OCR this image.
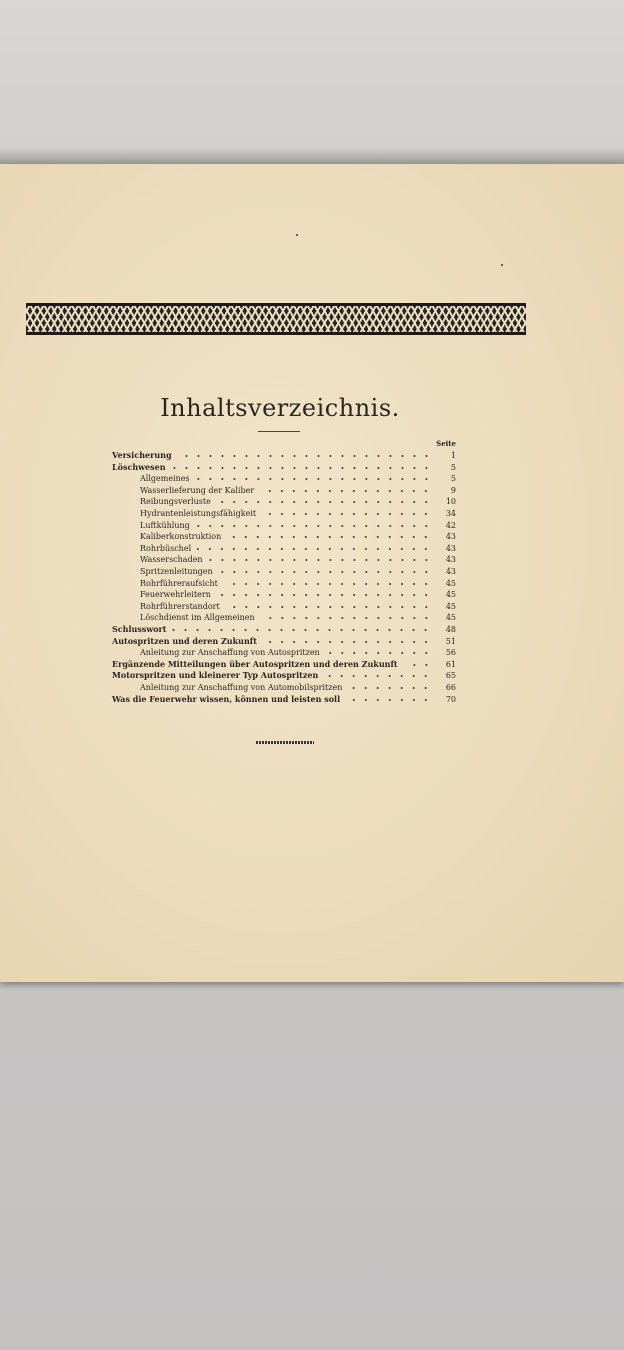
Inhaltsverzeichnis.
Seite
Versicherung	1
Löschwesen	5
Allgemeines	5
Wasserlieferung der Kaliber	9
Reibungsverluste	10
Hydrantenleistungsfähigkeit	34
Luftkühlung	42
Kaliberkonstruktion	43
Rohrbüschel	43
Wasserschaden	43
Spritzenleitungen	43
Rohrführeraufsicht	45
Feuerwehrleitern	45
Rohrführerstandort	45
Löschdienst im Allgemeinen	45
Schlusswort	48
Autospritzen und deren Zukunft	51
Anleitung zur Anschaffung von Autospritzen	56
Ergänzende Mitteilungen über Autospritzen und deren Zukunft	61
Motorspritzen und kleinerer Typ Autospritzen	65
Anleitung zur Anschaffung von Automobilspritzen	66
Was die Feuerwehr wissen, können und leisten soll	70
